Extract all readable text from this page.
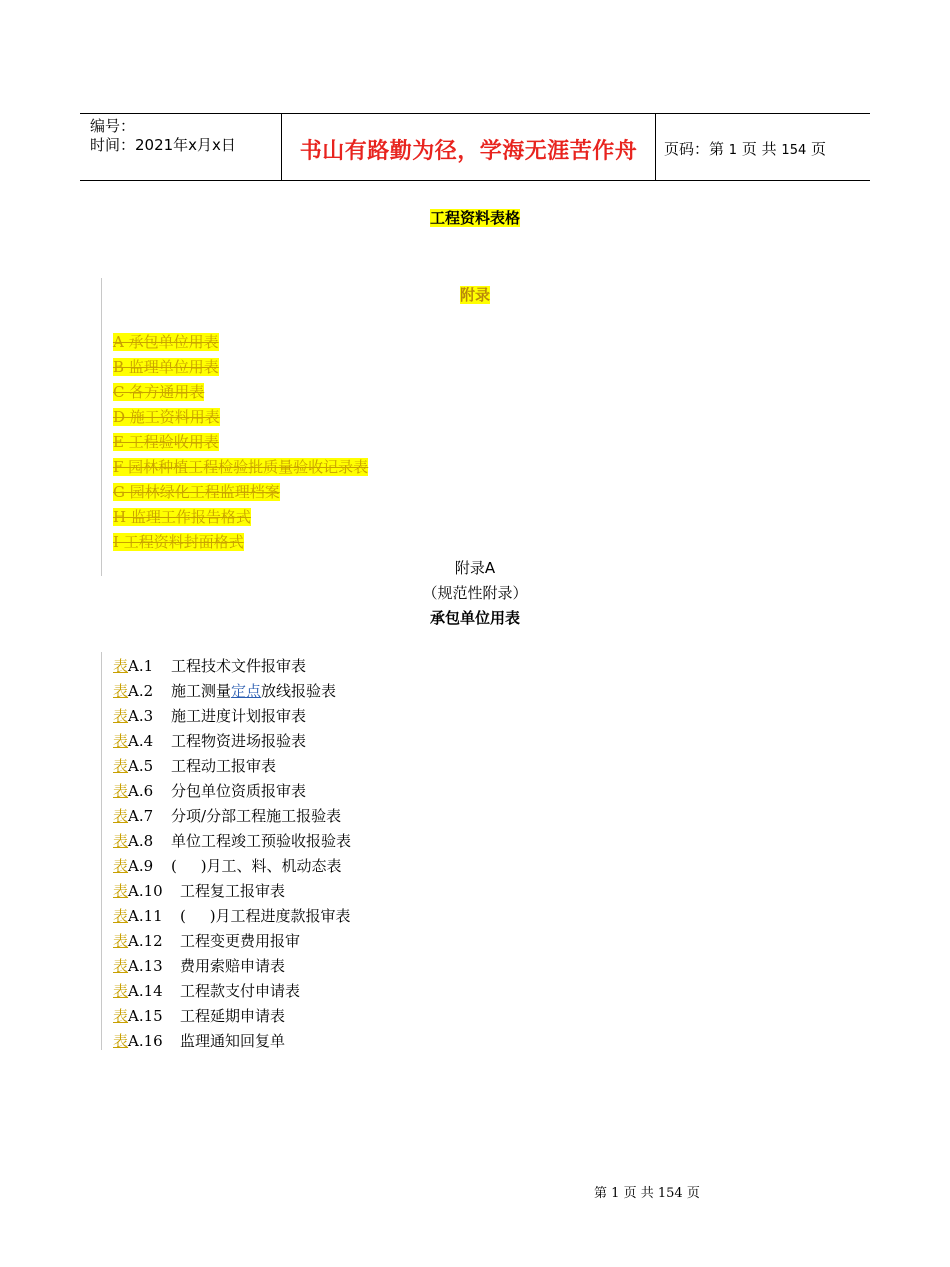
编号：
时间：2021年x月x日	书山有路勤为径，学海无涯苦作舟	页码：第 1 页 共 154 页
工程资料表格
附录
A 承包单位用表
B 监理单位用表
C 各方通用表
D 施工资料用表
E 工程验收用表
F 园林种植工程检验批质量验收记录表
G 园林绿化工程监理档案
H 监理工作报告格式
I 工程资料封面格式
附录A
（规范性附录）
承包单位用表
表A.1 工程技术文件报审表
表A.2 施工测量定点放线报验表
表A.3 施工进度计划报审表
表A.4 工程物资进场报验表
表A.5 工程动工报审表
表A.6 分包单位资质报审表
表A.7 分项/分部工程施工报验表
表A.8 单位工程竣工预验收报验表
表A.9 (     )月工、料、机动态表
表A.10 工程复工报审表
表A.11 (     )月工程进度款报审表
表A.12 工程变更费用报审
表A.13 费用索赔申请表
表A.14 工程款支付申请表
表A.15 工程延期申请表
表A.16 监理通知回复单
第 1 页 共 154 页
